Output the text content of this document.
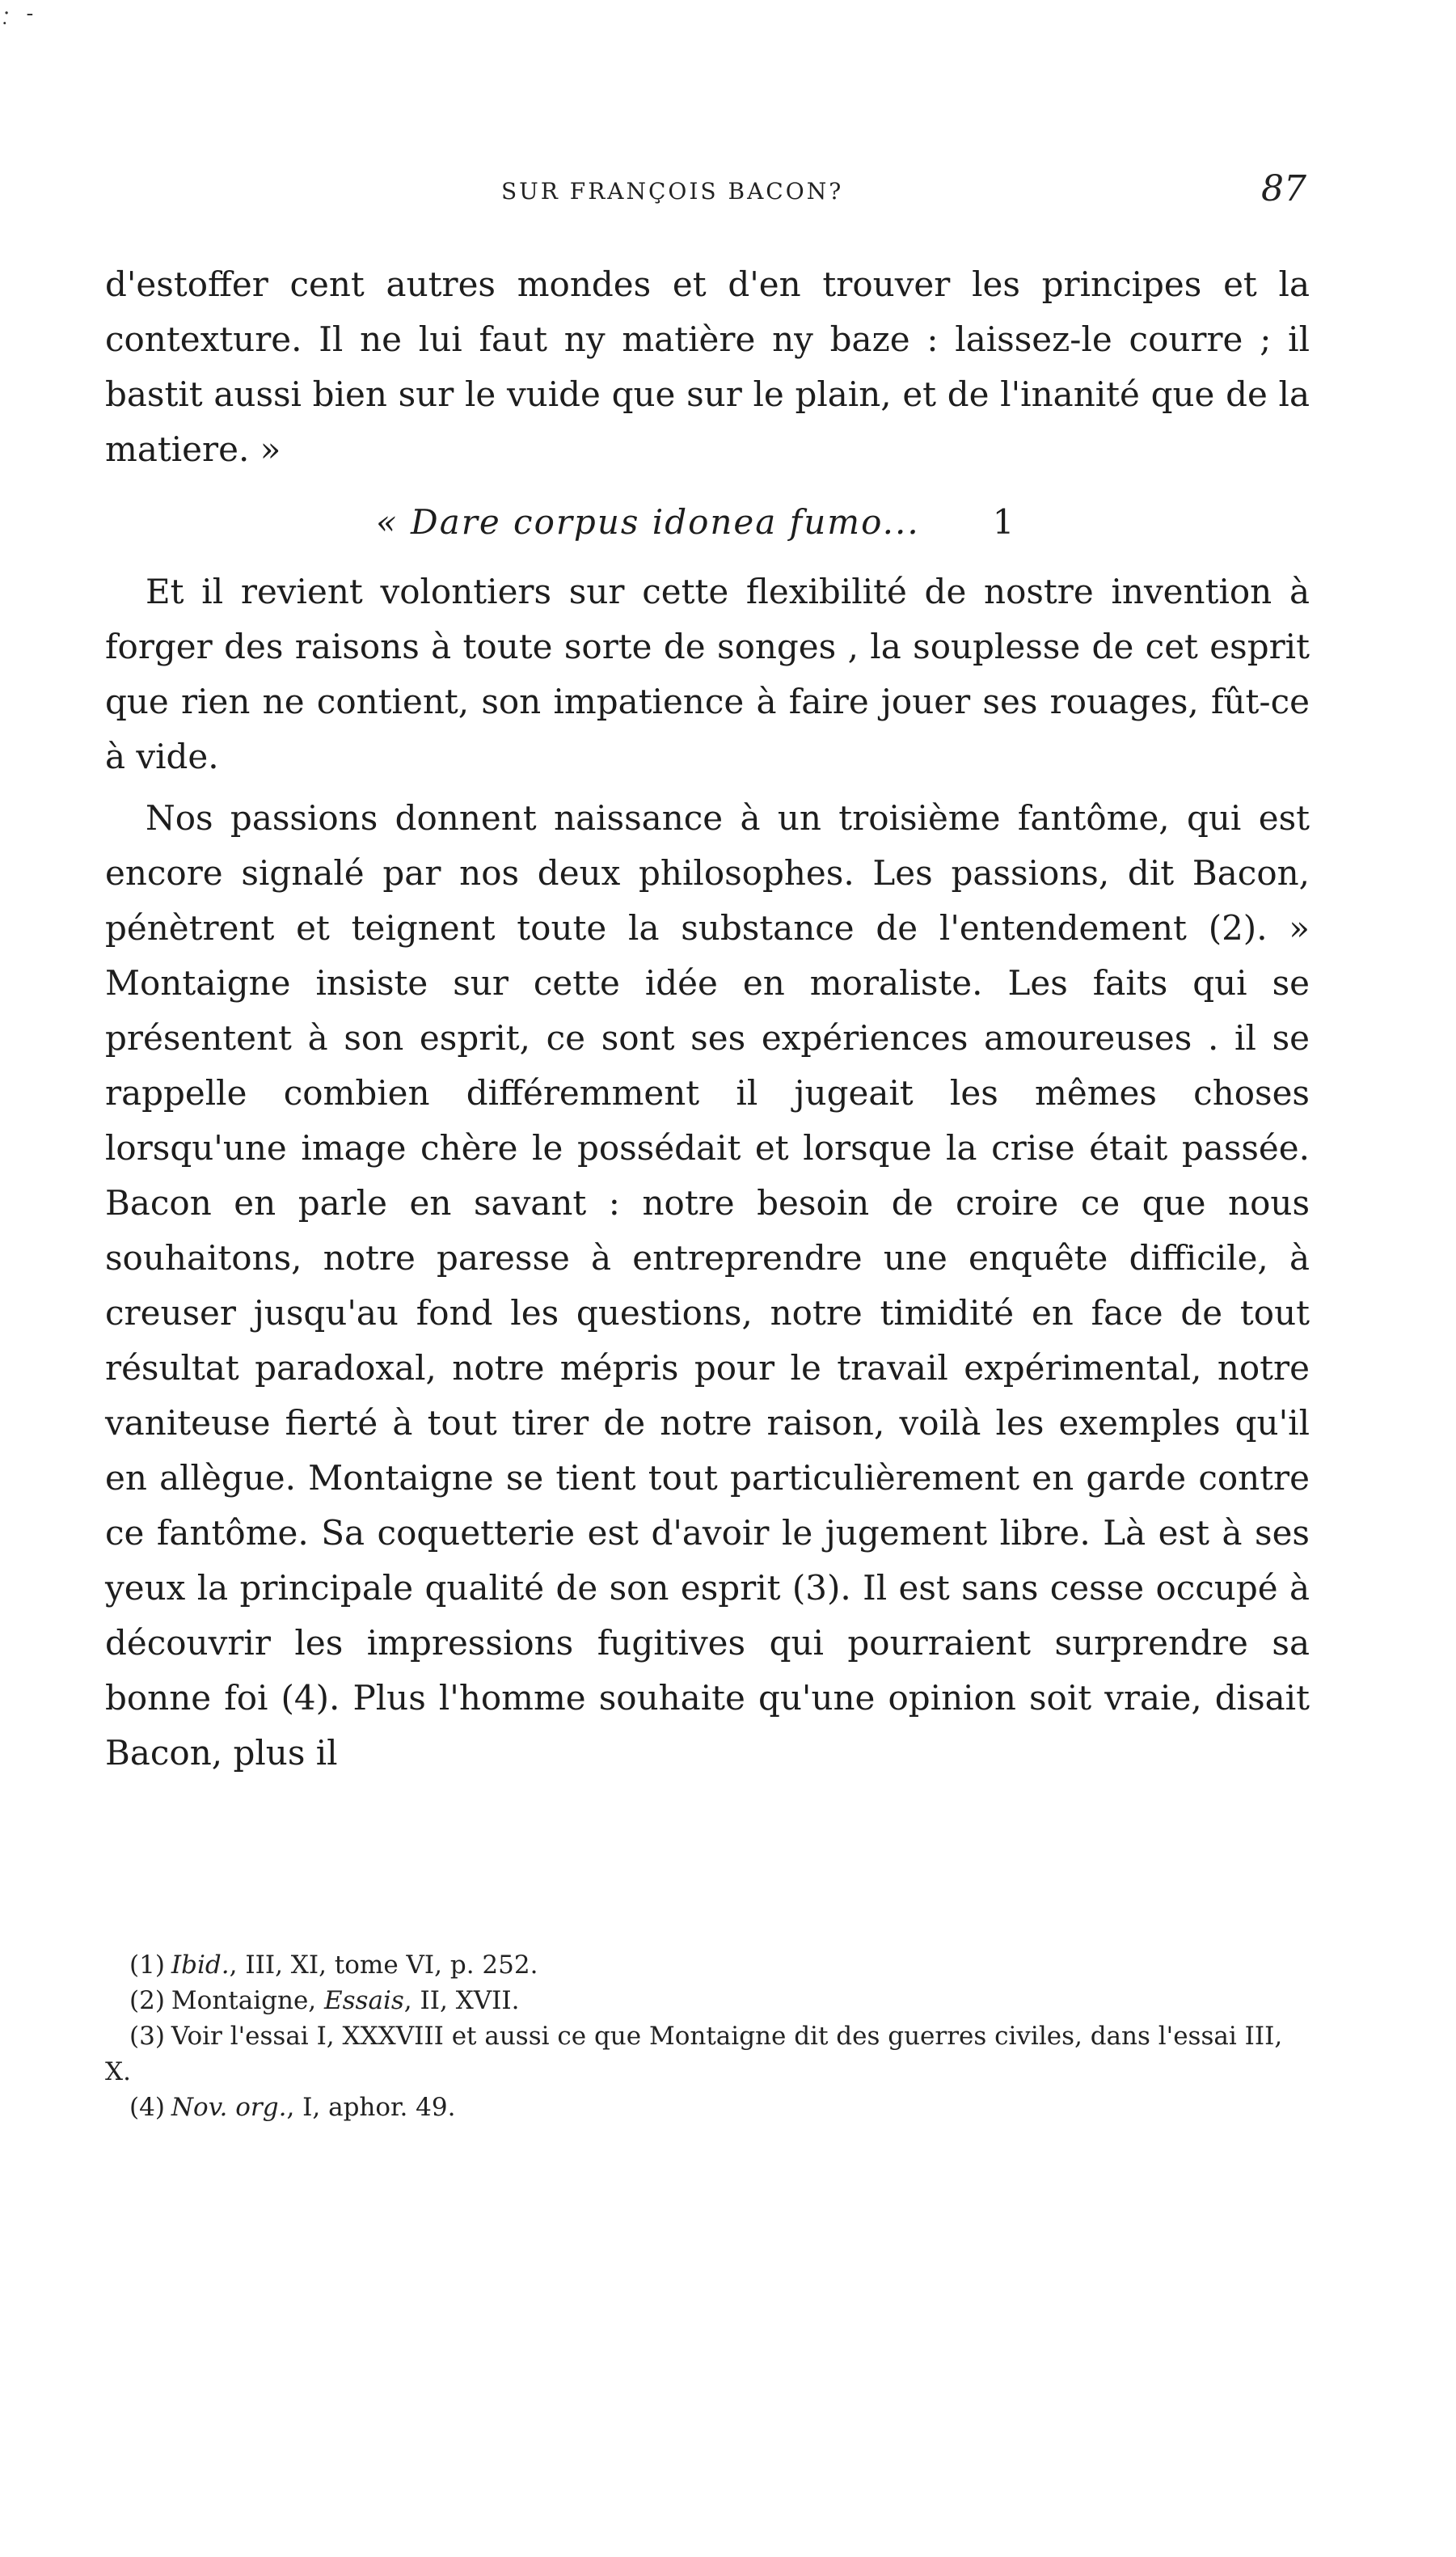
·̣ -
SUR FRANÇOIS BACON?	87

d'estoffer cent autres mondes et d'en trouver les principes et la contexture. Il ne lui faut ny matière ny baze : laissez-le courre ; il bastit aussi bien sur le vuide que sur le plain, et de l'inanité que de la matiere. »

« Dare corpus idonea fumo... 1

Et il revient volontiers sur cette flexibilité de nostre invention à forger des raisons à toute sorte de songes , la souplesse de cet esprit que rien ne contient, son impatience à faire jouer ses rouages, fût-ce à vide.

Nos passions donnent naissance à un troisième fantôme, qui est encore signalé par nos deux philosophes. Les passions, dit Bacon, pénètrent et teignent toute la substance de l'entendement (2). » Montaigne insiste sur cette idée en moraliste. Les faits qui se présentent à son esprit, ce sont ses expériences amoureuses . il se rappelle combien différemment il jugeait les mêmes choses lorsqu'une image chère le possédait et lorsque la crise était passée. Bacon en parle en savant : notre besoin de croire ce que nous souhaitons, notre paresse à entreprendre une enquête difficile, à creuser jusqu'au fond les questions, notre timidité en face de tout résultat paradoxal, notre mépris pour le travail expérimental, notre vaniteuse fierté à tout tirer de notre raison, voilà les exemples qu'il en allègue. Montaigne se tient tout particulièrement en garde contre ce fantôme. Sa coquetterie est d'avoir le jugement libre. Là est à ses yeux la principale qualité de son esprit (3). Il est sans cesse occupé à découvrir les impressions fugitives qui pourraient surprendre sa bonne foi (4). Plus l'homme souhaite qu'une opinion soit vraie, disait Bacon, plus il

(1) Ibid., III, XI, tome VI, p. 252.

(2) Montaigne, Essais, II, XVII.

(3) Voir l'essai I, XXXVIII et aussi ce que Montaigne dit des guerres civiles, dans l'essai III, X.

(4) Nov. org., I, aphor. 49.
